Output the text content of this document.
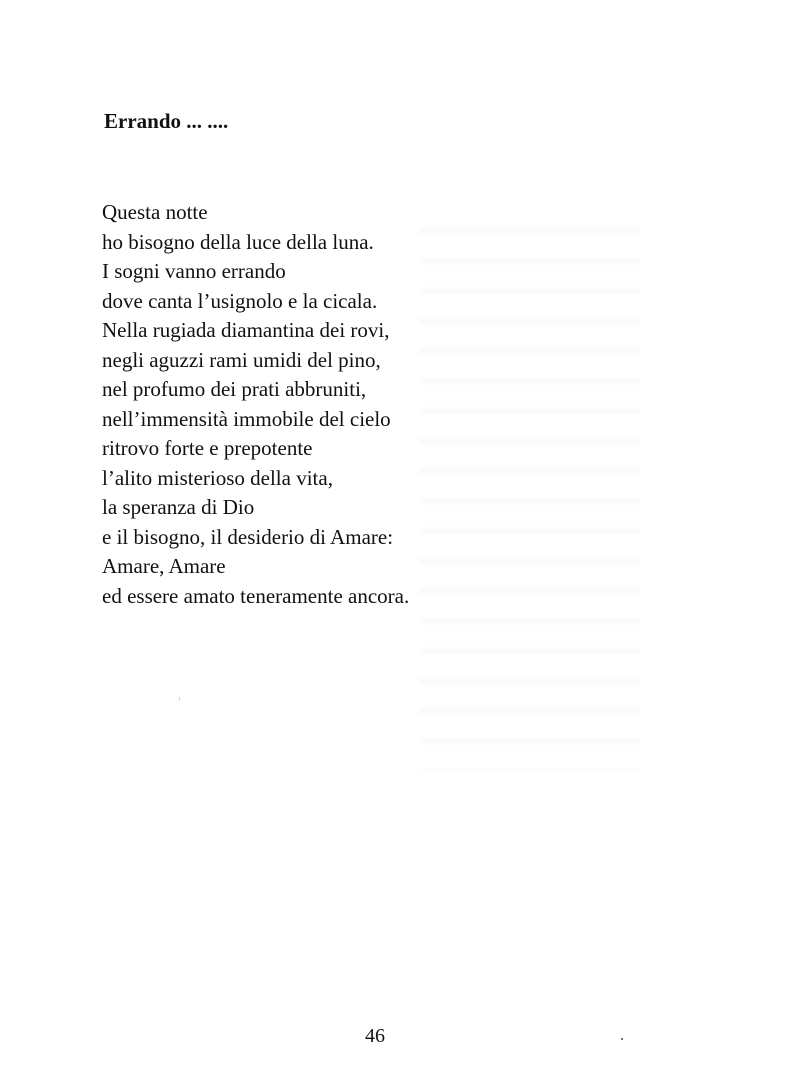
Errando ... ....
Questa notte
ho bisogno della luce della luna.
I sogni vanno errando
dove canta l’usignolo e la cicala.
Nella rugiada diamantina dei rovi,
negli aguzzi rami umidi del pino,
nel profumo dei prati abbruniti,
nell’immensità immobile del cielo
ritrovo forte e prepotente
l’alito misterioso della vita,
la speranza di Dio
e il bisogno, il desiderio di Amare:
Amare, Amare
ed essere amato teneramente ancora.
46
